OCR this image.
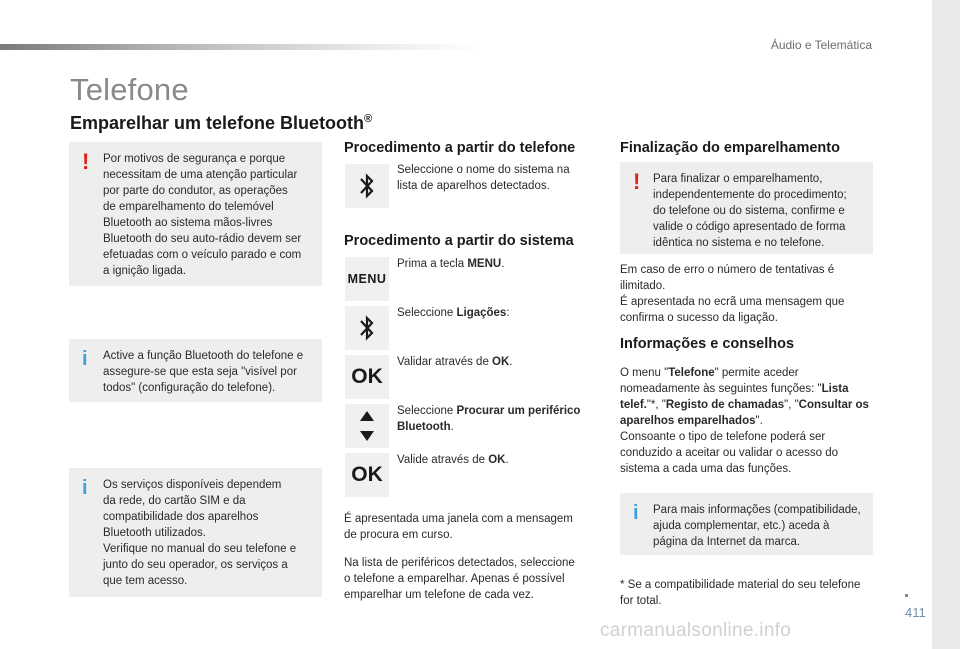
Áudio e Telemática
Telefone
Emparelhar um telefone Bluetooth®
! Por motivos de segurança e porque
necessitam de uma atenção particular
por parte do condutor, as operações
de emparelhamento do telemóvel
Bluetooth ao sistema mãos-livres
Bluetooth do seu auto-rádio devem ser
efetuadas com o veículo parado e com
a ignição ligada.
i Active a função Bluetooth do telefone e
assegure-se que esta seja "visível por
todos" (configuração do telefone).
i Os serviços disponíveis dependem
da rede, do cartão SIM e da
compatibilidade dos aparelhos
Bluetooth utilizados.
Verifique no manual do seu telefone e
junto do seu operador, os serviços a
que tem acesso.
Procedimento a partir do telefone
Seleccione o nome do sistema na lista de aparelhos detectados.
Procedimento a partir do sistema
MENU
Prima a tecla MENU.
Seleccione Ligações:
OK
Validar através de OK.
Seleccione Procurar um periférico Bluetooth.
OK
Valide através de OK.
É apresentada uma janela com a mensagem
de procura em curso.
Na lista de periféricos detectados, seleccione
o telefone a emparelhar. Apenas é possível
emparelhar um telefone de cada vez.
Finalização do emparelhamento
! Para finalizar o emparelhamento,
independentemente do procedimento;
do telefone ou do sistema, confirme e
valide o código apresentado de forma
idêntica no sistema e no telefone.
Em caso de erro o número de tentativas é
ilimitado.
É apresentada no ecrã uma mensagem que
confirma o sucesso da ligação.
Informações e conselhos
O menu "Telefone" permite aceder nomeadamente às seguintes funções: "Lista telef."*, "Registo de chamadas", "Consultar os aparelhos emparelhados".
Consoante o tipo de telefone poderá ser conduzido a aceitar ou validar o acesso do sistema a cada uma das funções.
i Para mais informações (compatibilidade,
ajuda complementar, etc.) aceda à
página da Internet da marca.
* Se a compatibilidade material do seu telefone
for total.
411
carmanualsonline.info
